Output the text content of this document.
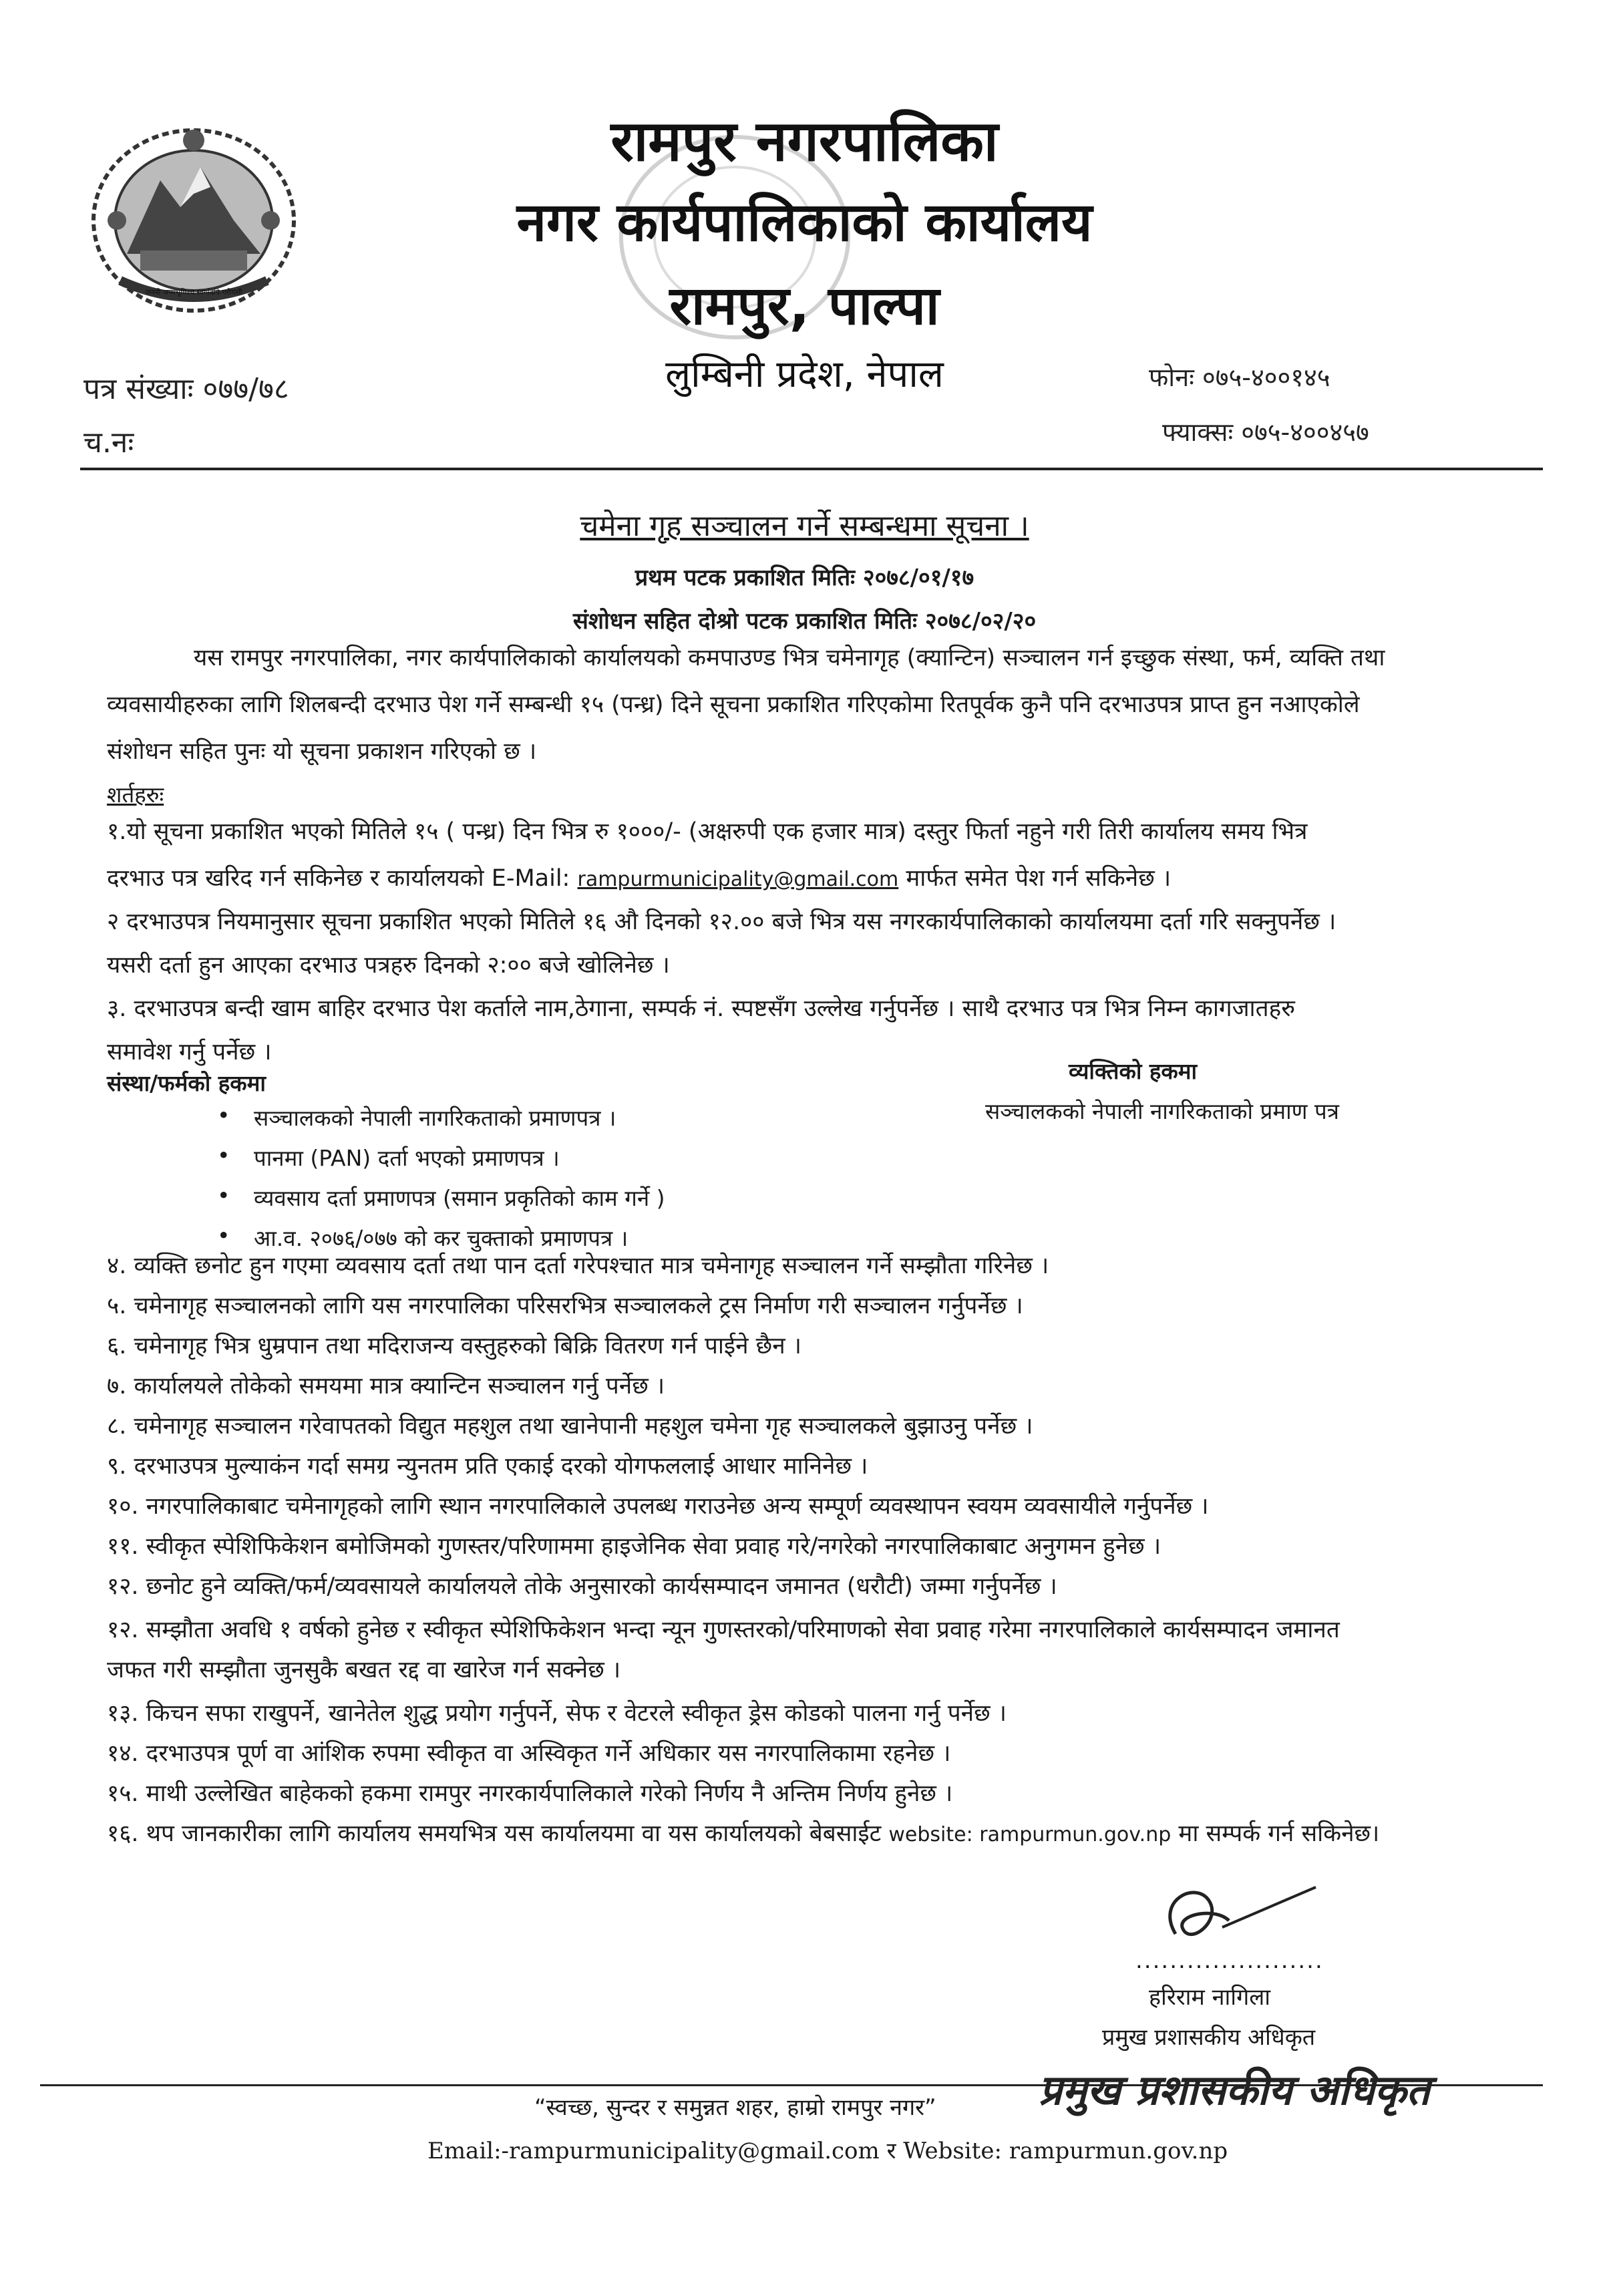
जननी जन्मभूमिश्च स्वर्गादपि गरीयसी
रामपुर नगरपालिका
नगर कार्यपालिकाको कार्यालय
रामपुर, पाल्पा
लुम्बिनी प्रदेश, नेपाल
पत्र संख्याः ०७७/७८
च.नः
फोनः ०७५-४००१४५
फ्याक्सः ०७५-४००४५७
चमेना गृह सञ्चालन गर्ने सम्बन्धमा सूचना ।
प्रथम पटक प्रकाशित मितिः २०७८/०१/१७
संशोधन सहित दोश्रो पटक प्रकाशित मितिः २०७८/०२/२०
यस रामपुर नगरपालिका, नगर कार्यपालिकाको कार्यालयको कमपाउण्ड भित्र चमेनागृह (क्यान्टिन) सञ्चालन गर्न इच्छुक संस्था, फर्म, व्यक्ति तथा
व्यवसायीहरुका लागि शिलबन्दी दरभाउ पेश गर्ने सम्बन्धी १५ (पन्ध्र) दिने सूचना प्रकाशित गरिएकोमा रितपूर्वक कुनै पनि दरभाउपत्र प्राप्त हुन नआएकोले
संशोधन सहित पुनः यो सूचना प्रकाशन गरिएको छ ।
शर्तहरुः
१.यो सूचना प्रकाशित भएको मितिले १५ ( पन्ध्र) दिन भित्र रु १०००/- (अक्षरुपी एक हजार मात्र) दस्तुर फिर्ता नहुने गरी तिरी कार्यालय समय भित्र
दरभाउ पत्र खरिद गर्न सकिनेछ र कार्यालयको E-Mail: rampurmunicipality@gmail.com मार्फत समेत पेश गर्न सकिनेछ ।
२ दरभाउपत्र नियमानुसार सूचना प्रकाशित भएको मितिले १६ औ दिनको १२.०० बजे भित्र यस नगरकार्यपालिकाको कार्यालयमा दर्ता गरि सक्नुपर्नेछ ।
यसरी दर्ता हुन आएका दरभाउ पत्रहरु दिनको २:०० बजे खोलिनेछ ।
३. दरभाउपत्र बन्दी खाम बाहिर दरभाउ पेश कर्ताले नाम,ठेगाना, सम्पर्क नं. स्पष्टसँग उल्लेख गर्नुपर्नेछ । साथै दरभाउ पत्र भित्र निम्न कागजातहरु
समावेश गर्नु पर्नेछ ।
व्यक्तिको हकमा
सञ्चालकको नेपाली नागरिकताको प्रमाण पत्र
संस्था/फर्मको हकमा
• सञ्चालकको नेपाली नागरिकताको प्रमाणपत्र ।
• पानमा (PAN) दर्ता भएको प्रमाणपत्र ।
• व्यवसाय दर्ता प्रमाणपत्र (समान प्रकृतिको काम गर्ने )
• आ.व. २०७६/०७७ को कर चुक्ताको प्रमाणपत्र ।
४. व्यक्ति छनोट हुन गएमा व्यवसाय दर्ता तथा पान दर्ता गरेपश्चात मात्र चमेनागृह सञ्चालन गर्ने सम्झौता गरिनेछ ।
५. चमेनागृह सञ्चालनको लागि यस नगरपालिका परिसरभित्र सञ्चालकले ट्रस निर्माण गरी सञ्चालन गर्नुपर्नेछ ।
६. चमेनागृह भित्र धुम्रपान तथा मदिराजन्य वस्तुहरुको बिक्रि वितरण गर्न पाईने छैन ।
७. कार्यालयले तोकेको समयमा मात्र क्यान्टिन सञ्चालन गर्नु पर्नेछ ।
८. चमेनागृह सञ्चालन गरेवापतको विद्युत महशुल तथा खानेपानी महशुल चमेना गृह सञ्चालकले बुझाउनु पर्नेछ ।
९. दरभाउपत्र मुल्याकंन गर्दा समग्र न्युनतम प्रति एकाई दरको योगफललाई आधार मानिनेछ ।
१०. नगरपालिकाबाट चमेनागृहको लागि स्थान नगरपालिकाले उपलब्ध गराउनेछ अन्य सम्पूर्ण व्यवस्थापन स्वयम व्यवसायीले गर्नुपर्नेछ ।
११. स्वीकृत स्पेशिफिकेशन बमोजिमको गुणस्तर/परिणाममा हाइजेनिक सेवा प्रवाह गरे/नगरेको नगरपालिकाबाट अनुगमन हुनेछ ।
१२. छनोट हुने व्यक्ति/फर्म/व्यवसायले कार्यालयले तोके अनुसारको कार्यसम्पादन जमानत (धरौटी) जम्मा गर्नुपर्नेछ ।
१२. सम्झौता अवधि १ वर्षको हुनेछ र स्वीकृत स्पेशिफिकेशन भन्दा न्यून गुणस्तरको/परिमाणको सेवा प्रवाह गरेमा नगरपालिकाले कार्यसम्पादन जमानत
जफत गरी सम्झौता जुनसुकै बखत रद्द वा खारेज गर्न सक्नेछ ।
१३. किचन सफा राखुपर्ने, खानेतेल शुद्ध प्रयोग गर्नुपर्ने, सेफ र वेटरले स्वीकृत ड्रेस कोडको पालना गर्नु पर्नेछ ।
१४. दरभाउपत्र पूर्ण वा आंशिक रुपमा स्वीकृत वा अस्विकृत गर्ने अधिकार यस नगरपालिकामा रहनेछ ।
१५. माथी उल्लेखित बाहेकको हकमा रामपुर नगरकार्यपालिकाले गरेको निर्णय नै अन्तिम निर्णय हुनेछ ।
१६. थप जानकारीका लागि कार्यालय समयभित्र यस कार्यालयमा वा यस कार्यालयको बेबसाईट website: rampurmun.gov.np मा सम्पर्क गर्न सकिनेछ।
......................
हरिराम नागिला
प्रमुख प्रशासकीय अधिकृत
“स्वच्छ, सुन्दर र समुन्नत शहर, हाम्रो रामपुर नगर” प्रमुख प्रशासकीय अधिकृत
Email:-rampurmunicipality@gmail.com र Website: rampurmun.gov.np
